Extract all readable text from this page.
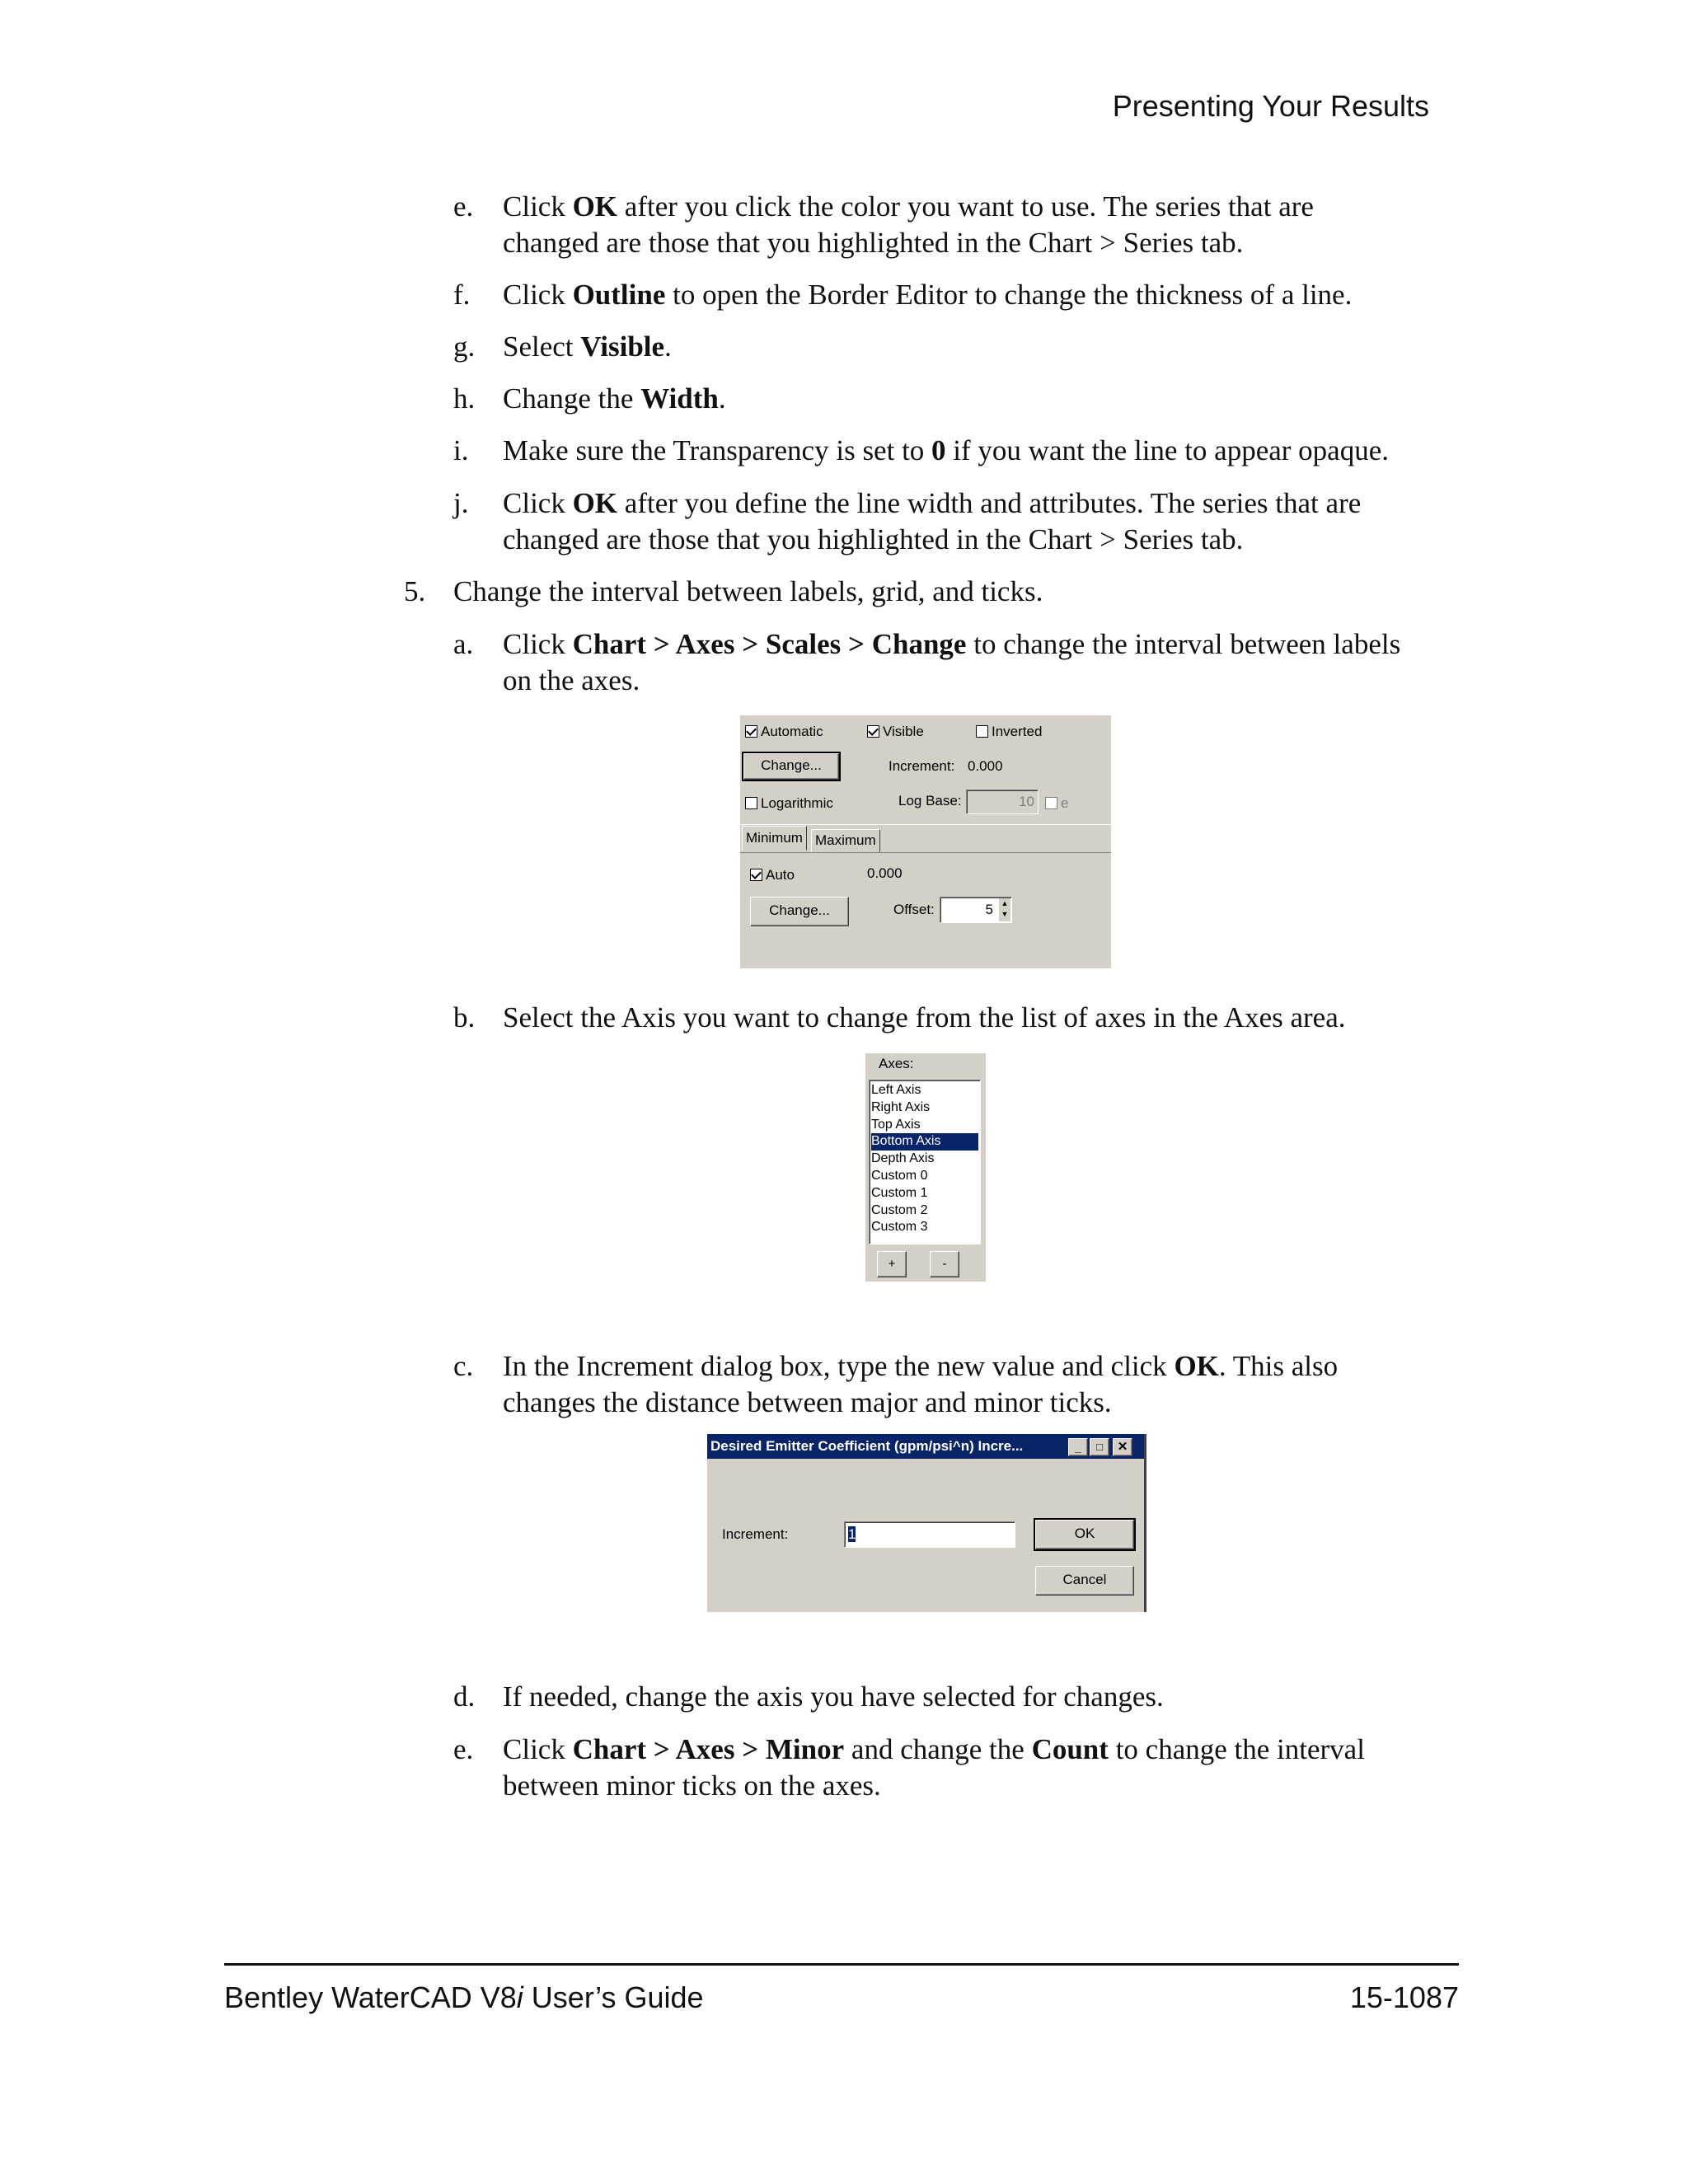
Presenting Your Results
e. Click OK after you click the color you want to use. The series that are
changed are those that you highlighted in the Chart > Series tab.
f. Click Outline to open the Border Editor to change the thickness of a line.
g. Select Visible.
h. Change the Width.
i. Make sure the Transparency is set to 0 if you want the line to appear opaque.
j. Click OK after you define the line width and attributes. The series that are
changed are those that you highlighted in the Chart > Series tab.
5. Change the interval between labels, grid, and ticks.
a. Click Chart > Axes > Scales > Change to change the interval between labels
on the axes.
Automatic	Visible	Inverted
Change...	Increment: 0.000
Logarithmic	Log Base:	10	e
Minimum Maximum
Auto	0.000
Change...	Offset:	5	▲
▼
b. Select the Axis you want to change from the list of axes in the Axes area.
Axes:
Left Axis
Right Axis
Top Axis
Bottom Axis
Depth Axis
Custom 0
Custom 1
Custom 2
Custom 3
+	-
c. In the Increment dialog box, type the new value and click OK. This also
changes the distance between major and minor ticks.
Desired Emitter Coefficient (gpm/psi^n) Incre...	_	□	✕
Increment:	1	OK
Cancel
d. If needed, change the axis you have selected for changes.
e. Click Chart > Axes > Minor and change the Count to change the interval
between minor ticks on the axes.
Bentley WaterCAD V8i User’s Guide	15-1087
